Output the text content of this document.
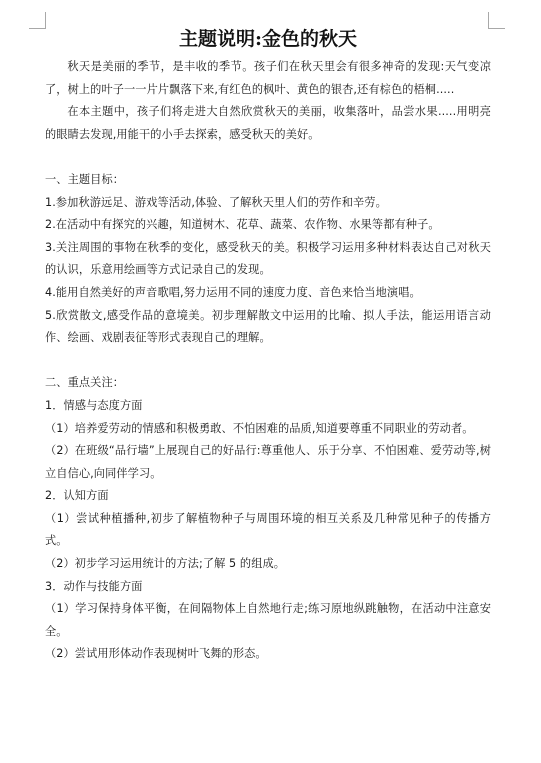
主题说明:金色的秋天

秋天是美丽的季节，是丰收的季节。孩子们在秋天里会有很多神奇的发现:天气变凉了，树上的叶子一一片片飘落下来,有红色的枫叶、黄色的银杏,还有棕色的梧桐.....

在本主题中，孩子们将走进大自然欣赏秋天的美丽，收集落叶，品尝水果.....用明亮的眼睛去发现,用能干的小手去探索，感受秋天的美好。

一、主题目标：

1.参加秋游远足、游戏等活动,体验、了解秋天里人们的劳作和辛劳。

2.在活动中有探究的兴趣，知道树木、花草、蔬菜、农作物、水果等都有种子。

3.关注周围的事物在秋季的变化，感受秋天的美。积极学习运用多种材料表达自己对秋天的认识，乐意用绘画等方式记录自己的发现。

4.能用自然美好的声音歌唱,努力运用不同的速度力度、音色来恰当地演唱。

5.欣赏散文,感受作品的意境美。初步理解散文中运用的比喻、拟人手法，能运用语言动作、绘画、戏剧表征等形式表现自己的理解。

二、重点关注：

1．情感与态度方面

（1）培养爱劳动的情感和积极勇敢、不怕困难的品质,知道要尊重不同职业的劳动者。

（2）在班级“品行墙”上展现自己的好品行:尊重他人、乐于分享、不怕困难、爱劳动等,树立自信心,向同伴学习。

2．认知方面

（1）尝试种植播种,初步了解植物种子与周围环境的相互关系及几种常见种子的传播方式。

（2）初步学习运用统计的方法;了解 5 的组成。

3．动作与技能方面

（1）学习保持身体平衡，在间隔物体上自然地行走;练习原地纵跳触物，在活动中注意安全。

（2）尝试用形体动作表现树叶飞舞的形态。
